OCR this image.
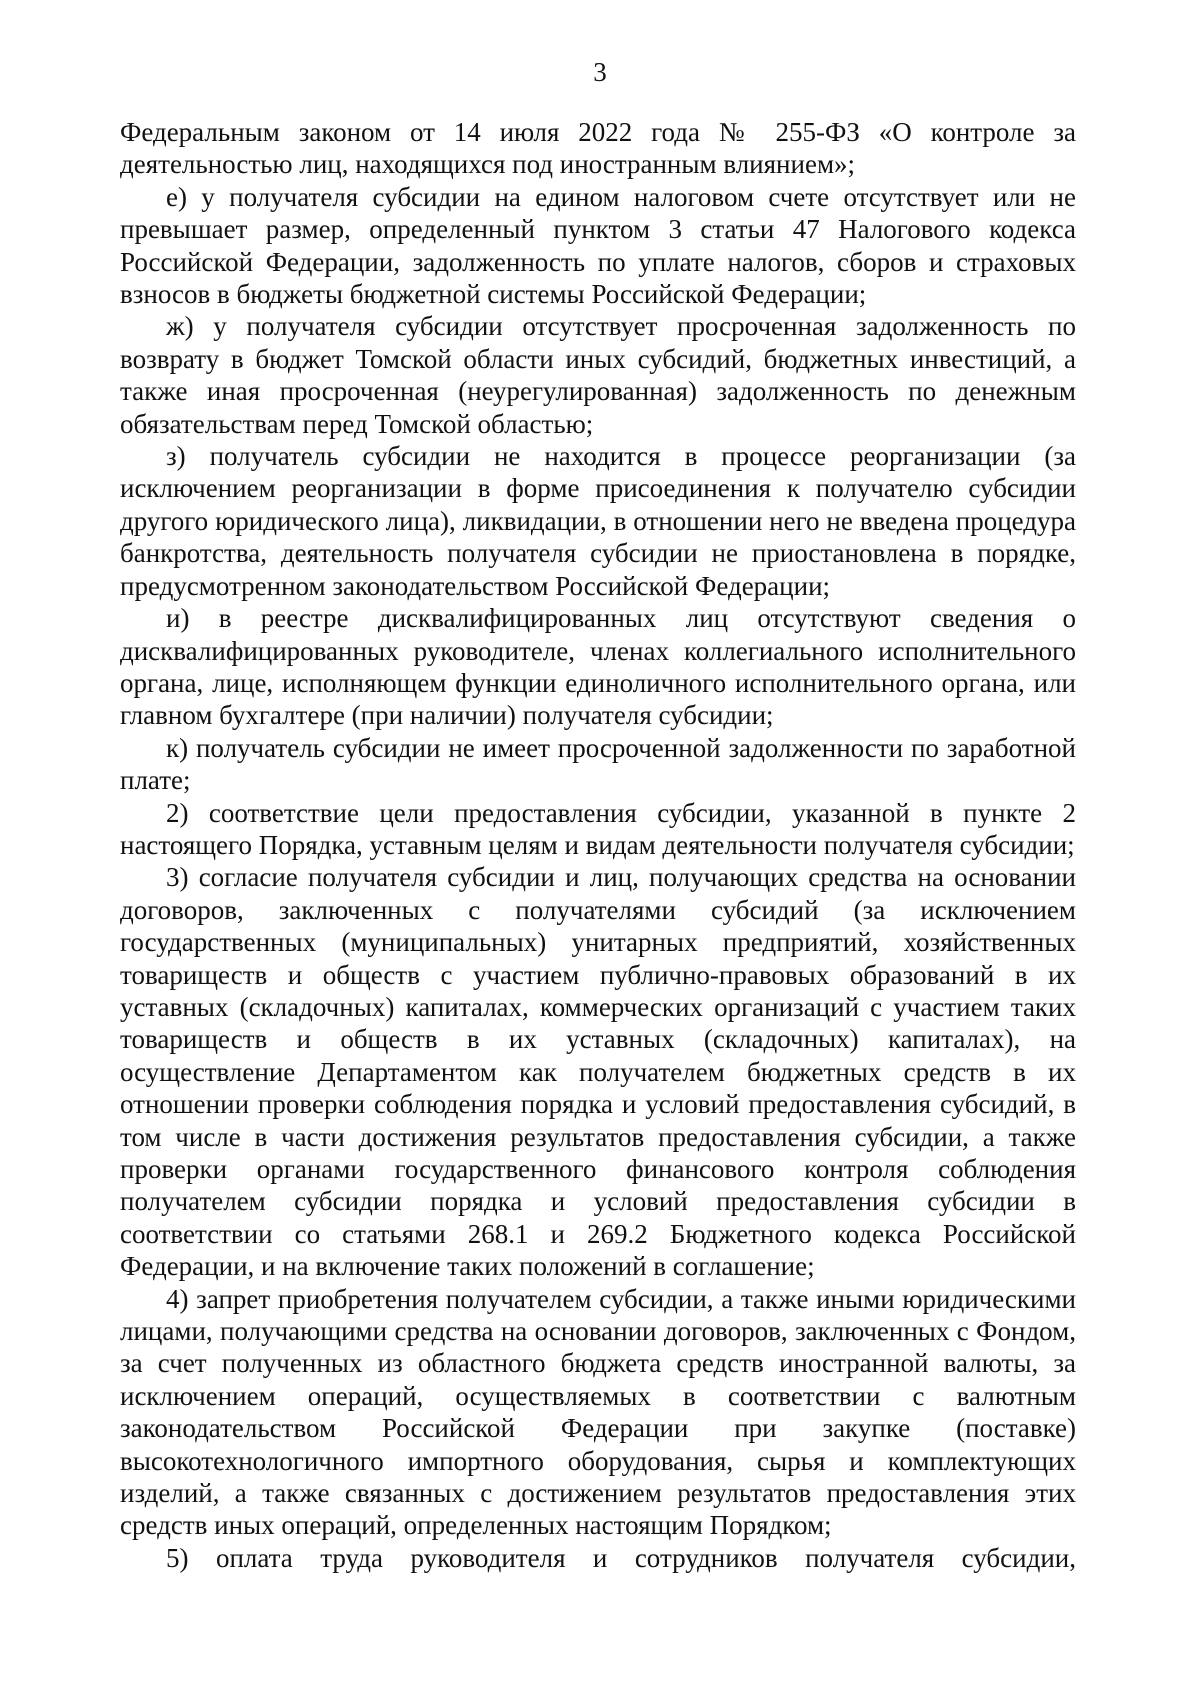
3

Федеральным законом от 14 июля 2022 года № 255-ФЗ «О контроле за деятельностью лиц, находящихся под иностранным влиянием»;

е) у получателя субсидии на едином налоговом счете отсутствует или не превышает размер, определенный пунктом 3 статьи 47 Налогового кодекса Российской Федерации, задолженность по уплате налогов, сборов и страховых взносов в бюджеты бюджетной системы Российской Федерации;

ж) у получателя субсидии отсутствует просроченная задолженность по возврату в бюджет Томской области иных субсидий, бюджетных инвестиций, а также иная просроченная (неурегулированная) задолженность по денежным обязательствам перед Томской областью;

з) получатель субсидии не находится в процессе реорганизации (за исключением реорганизации в форме присоединения к получателю субсидии другого юридического лица), ликвидации, в отношении него не введена процедура банкротства, деятельность получателя субсидии не приостановлена в порядке, предусмотренном законодательством Российской Федерации;

и) в реестре дисквалифицированных лиц отсутствуют сведения о дисквалифицированных руководителе, членах коллегиального исполнительного органа, лице, исполняющем функции единоличного исполнительного органа, или главном бухгалтере (при наличии) получателя субсидии;

к) получатель субсидии не имеет просроченной задолженности по заработной плате;

2) соответствие цели предоставления субсидии, указанной в пункте 2 настоящего Порядка, уставным целям и видам деятельности получателя субсидии;

3) согласие получателя субсидии и лиц, получающих средства на основании договоров, заключенных с получателями субсидий (за исключением государственных (муниципальных) унитарных предприятий, хозяйственных товариществ и обществ с участием публично-правовых образований в их уставных (складочных) капиталах, коммерческих организаций с участием таких товариществ и обществ в их уставных (складочных) капиталах), на осуществление Департаментом как получателем бюджетных средств в их отношении проверки соблюдения порядка и условий предоставления субсидий, в том числе в части достижения результатов предоставления субсидии, а также проверки органами государственного финансового контроля соблюдения получателем субсидии порядка и условий предоставления субсидии в соответствии со статьями 268.1 и 269.2 Бюджетного кодекса Российской Федерации, и на включение таких положений в соглашение;

4) запрет приобретения получателем субсидии, а также иными юридическими лицами, получающими средства на основании договоров, заключенных с Фондом, за счет полученных из областного бюджета средств иностранной валюты, за исключением операций, осуществляемых в соответствии с валютным законодательством Российской Федерации при закупке (поставке) высокотехнологичного импортного оборудования, сырья и комплектующих изделий, а также связанных с достижением результатов предоставления этих средств иных операций, определенных настоящим Порядком;

5) оплата труда руководителя и сотрудников получателя субсидии,
